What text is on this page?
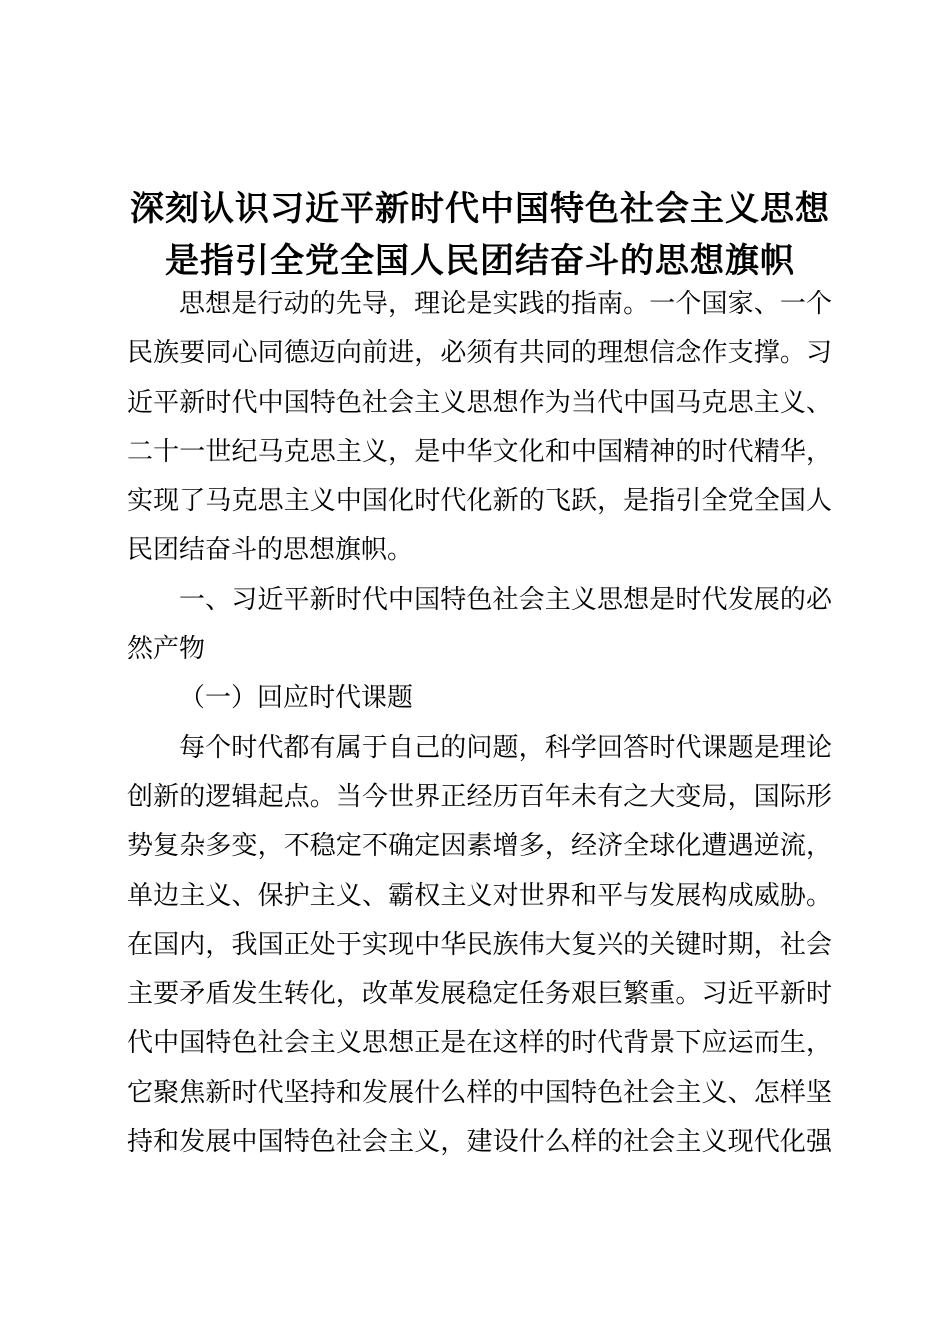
深刻认识习近平新时代中国特色社会主义思想
是指引全党全国人民团结奋斗的思想旗帜
思想是行动的先导，理论是实践的指南。一个国家、一个
民族要同心同德迈向前进，必须有共同的理想信念作支撑。习
近平新时代中国特色社会主义思想作为当代中国马克思主义、
二十一世纪马克思主义，是中华文化和中国精神的时代精华，
实现了马克思主义中国化时代化新的飞跃，是指引全党全国人
民团结奋斗的思想旗帜。
一、习近平新时代中国特色社会主义思想是时代发展的必
然产物
（一）回应时代课题
每个时代都有属于自己的问题，科学回答时代课题是理论
创新的逻辑起点。当今世界正经历百年未有之大变局，国际形
势复杂多变，不稳定不确定因素增多，经济全球化遭遇逆流，
单边主义、保护主义、霸权主义对世界和平与发展构成威胁。
在国内，我国正处于实现中华民族伟大复兴的关键时期，社会
主要矛盾发生转化，改革发展稳定任务艰巨繁重。习近平新时
代中国特色社会主义思想正是在这样的时代背景下应运而生，
它聚焦新时代坚持和发展什么样的中国特色社会主义、怎样坚
持和发展中国特色社会主义，建设什么样的社会主义现代化强
